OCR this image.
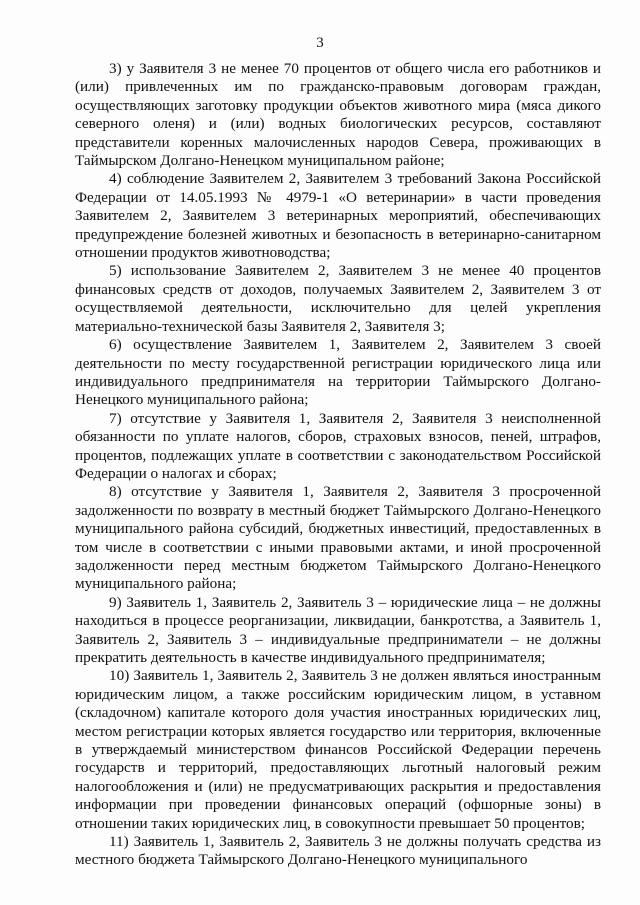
3

3) у Заявителя 3 не менее 70 процентов от общего числа его работников и (или) привлеченных им по гражданско-правовым договорам граждан, осуществляющих заготовку продукции объектов животного мира (мяса дикого северного оленя) и (или) водных биологических ресурсов, составляют представители коренных малочисленных народов Севера, проживающих в Таймырском Долгано-Ненецком муниципальном районе;

4) соблюдение Заявителем 2, Заявителем 3 требований Закона Российской Федерации от 14.05.1993 № 4979-1 «О ветеринарии» в части проведения Заявителем 2, Заявителем 3 ветеринарных мероприятий, обеспечивающих предупреждение болезней животных и безопасность в ветеринарно-санитарном отношении продуктов животноводства;

5) использование Заявителем 2, Заявителем 3 не менее 40 процентов финансовых средств от доходов, получаемых Заявителем 2, Заявителем 3 от осуществляемой деятельности, исключительно для целей укрепления материально-технической базы Заявителя 2, Заявителя 3;

6) осуществление Заявителем 1, Заявителем 2, Заявителем 3 своей деятельности по месту государственной регистрации юридического лица или индивидуального предпринимателя на территории Таймырского Долгано-Ненецкого муниципального района;

7) отсутствие у Заявителя 1, Заявителя 2, Заявителя 3 неисполненной обязанности по уплате налогов, сборов, страховых взносов, пеней, штрафов, процентов, подлежащих уплате в соответствии с законодательством Российской Федерации о налогах и сборах;

8) отсутствие у Заявителя 1, Заявителя 2, Заявителя 3 просроченной задолженности по возврату в местный бюджет Таймырского Долгано-Ненецкого муниципального района субсидий, бюджетных инвестиций, предоставленных в том числе в соответствии с иными правовыми актами, и иной просроченной задолженности перед местным бюджетом Таймырского Долгано-Ненецкого муниципального района;

9) Заявитель 1, Заявитель 2, Заявитель 3 – юридические лица – не должны находиться в процессе реорганизации, ликвидации, банкротства, а Заявитель 1, Заявитель 2, Заявитель 3 – индивидуальные предприниматели – не должны прекратить деятельность в качестве индивидуального предпринимателя;

10) Заявитель 1, Заявитель 2, Заявитель 3 не должен являться иностранным юридическим лицом, а также российским юридическим лицом, в уставном (складочном) капитале которого доля участия иностранных юридических лиц, местом регистрации которых является государство или территория, включенные в утверждаемый министерством финансов Российской Федерации перечень государств и территорий, предоставляющих льготный налоговый режим налогообложения и (или) не предусматривающих раскрытия и предоставления информации при проведении финансовых операций (офшорные зоны) в отношении таких юридических лиц, в совокупности превышает 50 процентов;

11) Заявитель 1, Заявитель 2, Заявитель 3 не должны получать средства из местного бюджета Таймырского Долгано-Ненецкого муниципального
